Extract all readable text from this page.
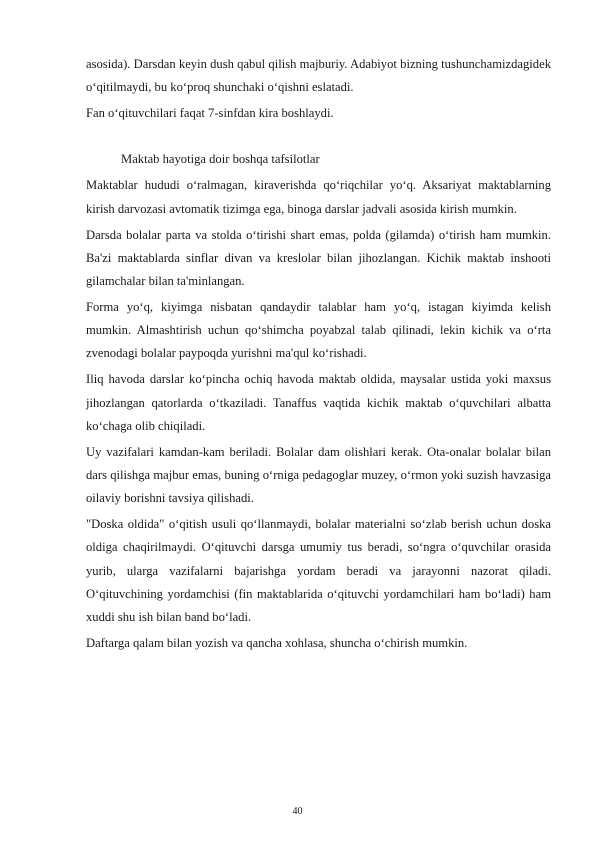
asosida). Darsdan keyin dush qabul qilish majburiy. Adabiyot bizning tushunchamizdagidek o‘qitilmaydi, bu ko‘proq shunchaki o‘qishni eslatadi.

Fan o‘qituvchilari faqat 7-sinfdan kira boshlaydi.

Maktab hayotiga doir boshqa tafsilotlar

Maktablar hududi o‘ralmagan, kiraverishda qo‘riqchilar yo‘q. Aksariyat maktablarning kirish darvozasi avtomatik tizimga ega, binoga darslar jadvali asosida kirish mumkin.

Darsda bolalar parta va stolda o‘tirishi shart emas, polda (gilamda) o‘tirish ham mumkin. Ba'zi maktablarda sinflar divan va kreslolar bilan jihozlangan. Kichik maktab inshooti gilamchalar bilan ta'minlangan.

Forma yo‘q, kiyimga nisbatan qandaydir talablar ham yo‘q, istagan kiyimda kelish mumkin. Almashtirish uchun qo‘shimcha poyabzal talab qilinadi, lekin kichik va o‘rta zvenodagi bolalar paypoqda yurishni ma'qul ko‘rishadi.

Iliq havoda darslar ko‘pincha ochiq havoda maktab oldida, maysalar ustida yoki maxsus jihozlangan qatorlarda o‘tkaziladi. Tanaffus vaqtida kichik maktab o‘quvchilari albatta ko‘chaga olib chiqiladi.

Uy vazifalari kamdan-kam beriladi. Bolalar dam olishlari kerak. Ota-onalar bolalar bilan dars qilishga majbur emas, buning o‘rniga pedagoglar muzey, o‘rmon yoki suzish havzasiga oilaviy borishni tavsiya qilishadi.

"Doska oldida" o‘qitish usuli qo‘llanmaydi, bolalar materialni so‘zlab berish uchun doska oldiga chaqirilmaydi. O‘qituvchi darsga umumiy tus beradi, so‘ngra o‘quvchilar orasida yurib, ularga vazifalarni bajarishga yordam beradi va jarayonni nazorat qiladi. O‘qituvchining yordamchisi (fin maktablarida o‘qituvchi yordamchilari ham bo‘ladi) ham xuddi shu ish bilan band bo‘ladi.

Daftarga qalam bilan yozish va qancha xohlasa, shuncha o‘chirish mumkin.

40
